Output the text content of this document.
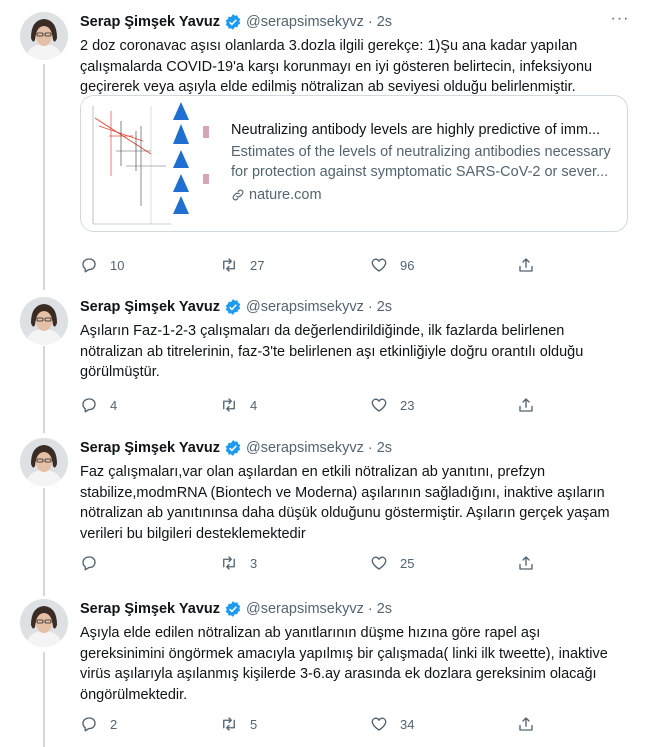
Serap Şimşek Yavuz @serapsimsekyvz · 2s	···
2 doz coronavac aşısı olanlarda 3.dozla ilgili gerekçe: 1)Şu ana kadar yapılan çalışmalarda COVID-19'a karşı korunmayı en iyi gösteren belirtecin, infeksiyonu geçirerek veya aşıyla elde edilmiş nötralizan ab seviyesi olduğu belirlenmiştir.
Neutralizing antibody levels are highly predictive of imm...
Estimates of the levels of neutralizing antibodies necessary for protection against symptomatic SARS-CoV-2 or sever...
nature.com
10	27	96
Serap Şimşek Yavuz @serapsimsekyvz · 2s
Aşıların Faz-1-2-3 çalışmaları da değerlendirildiğinde, ilk fazlarda belirlenen nötralizan ab titrelerinin, faz-3'te belirlenen aşı etkinliğiyle doğru orantılı olduğu görülmüştür.
4	4	23
Serap Şimşek Yavuz @serapsimsekyvz · 2s
Faz çalışmaları,var olan aşılardan en etkili nötralizan ab yanıtını, prefzyn stabilize,modmRNA (Biontech ve Moderna) aşılarının sağladığını, inaktive aşıların nötralizan ab yanıtınınsa daha düşük olduğunu göstermiştir. Aşıların gerçek yaşam verileri bu bilgileri desteklemektedir
3	25
Serap Şimşek Yavuz @serapsimsekyvz · 2s
Aşıyla elde edilen nötralizan ab yanıtlarının düşme hızına göre rapel aşı gereksinimini öngörmek amacıyla yapılmış bir çalışmada( linki ilk tweette), inaktive virüs aşılarıyla aşılanmış kişilerde 3-6.ay arasında ek dozlara gereksinim olacağı öngörülmektedir.
2	5	34
